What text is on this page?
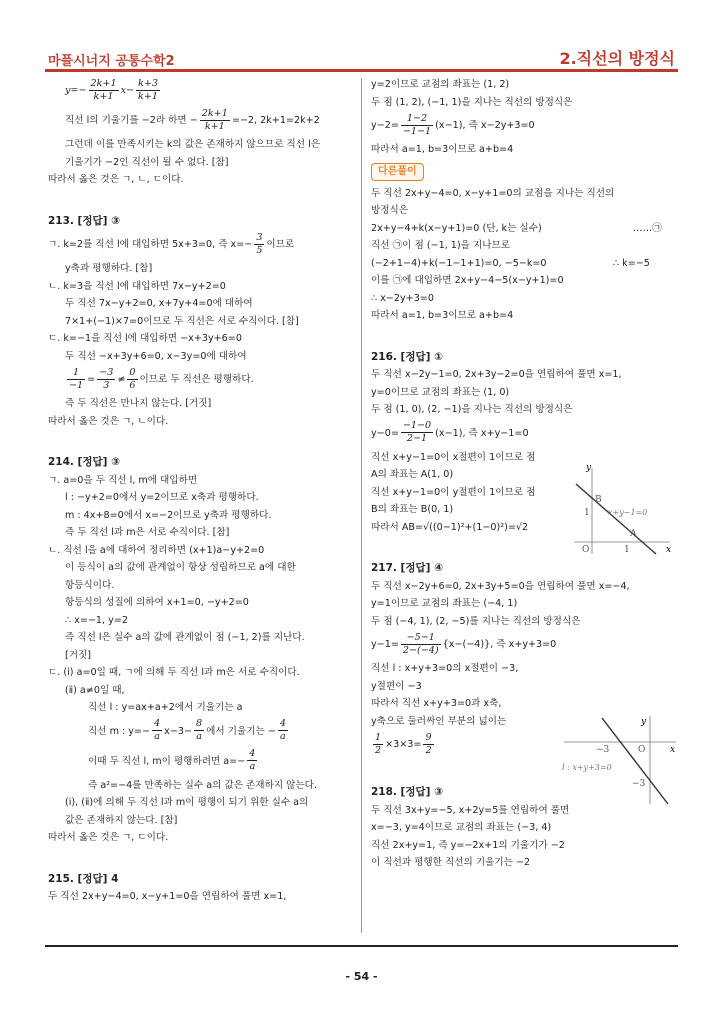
마플시너지 공통수학2	2.직선의 방정식

$y=- \frac{2k+1}{k+1} x- \frac{k+3}{k+1}$

직선 l의 기울기를 −2라 하면 − $\frac{2k+1}{k+1} =-2$, 2k+1=2k+2

그런데 이를 만족시키는 k의 값은 존재하지 않으므로 직선 l은

기울기가 −2인 직선이 될 수 없다. [참]

따라서 옳은 것은 ㄱ, ㄴ, ㄷ이다.

213. [정답] ③

ㄱ. k=2를 직선 l에 대입하면 5x+3=0, 즉 $x=- \frac{3}{5}$ 이므로

y축과 평행하다. [참]

ㄴ. k=3을 직선 l에 대입하면 7x−y+2=0

두 직선 7x−y+2=0, x+7y+4=0에 대하여

7×1+(−1)×7=0이므로 두 직선은 서로 수직이다. [참]

ㄷ. k=−1을 직선 l에 대입하면 −x+3y+6=0

두 직선 −x+3y+6=0, x−3y=0에 대하여

$\frac{1}{-1} = \frac{-3}{3} \ne \frac{0}{6}$ 이므로 두 직선은 평행하다.

즉 두 직선은 만나지 않는다. [거짓]

따라서 옳은 것은 ㄱ, ㄴ이다.

214. [정답] ③

ㄱ. a=0을 두 직선 l, m에 대입하면

l : −y+2=0에서 y=2이므로 x축과 평행하다.

m : 4x+8=0에서 x=−2이므로 y축과 평행하다.

즉 두 직선 l과 m은 서로 수직이다. [참]

ㄴ. 직선 l을 a에 대하여 정리하면 (x+1)a−y+2=0

이 등식이 a의 값에 관계없이 항상 성립하므로 a에 대한

항등식이다.

항등식의 성질에 의하여 x+1=0, −y+2=0

∴ x=−1, y=2

즉 직선 l은 실수 a의 값에 관계없이 점 (−1, 2)를 지난다.

[거짓]

ㄷ. (ⅰ) a=0일 때, ㄱ에 의해 두 직선 l과 m은 서로 수직이다.

(ⅱ) a≠0일 때,

직선 l : y=ax+a+2에서 기울기는 a

직선 m : $y=- \frac{4}{a} x-3- \frac{8}{a}$ 에서 기울기는 − $\frac{4}{a}$

이때 두 직선 l, m이 평행하려면 $a=- \frac{4}{a}$

즉 a²=−4를 만족하는 실수 a의 값은 존재하지 않는다.

(ⅰ), (ⅱ)에 의해 두 직선 l과 m이 평행이 되기 위한 실수 a의

값은 존재하지 않는다. [참]

따라서 옳은 것은 ㄱ, ㄷ이다.

215. [정답] 4

두 직선 2x+y−4=0, x−y+1=0을 연립하여 풀면 x=1,

y=2이므로 교점의 좌표는 (1, 2)

두 점 (1, 2), (−1, 1)을 지나는 직선의 방정식은

$y-2= \frac{1-2}{-1-1} (x-1)$, 즉 x−2y+3=0

따라서 a=1, b=3이므로 a+b=4

다른풀이

두 직선 2x+y−4=0, x−y+1=0의 교점을 지나는 직선의

방정식은

2x+y−4+k(x−y+1)=0 (단, k는 실수)	……㉠

직선 ㉠이 점 (−1, 1)을 지나므로

(−2+1−4)+k(−1−1+1)=0, −5−k=0	∴ k=−5

이를 ㉠에 대입하면 2x+y−4−5(x−y+1)=0

∴ x−2y+3=0

따라서 a=1, b=3이므로 a+b=4

216. [정답] ①

두 직선 x−2y−1=0, 2x+3y−2=0을 연립하여 풀면 x=1,

y=0이므로 교점의 좌표는 (1, 0)

두 점 (1, 0), (2, −1)을 지나는 직선의 방정식은

$y-0= \frac{-1-0}{2-1} (x-1)$, 즉 x+y−1=0

직선 x+y−1=0이 x절편이 1이므로 점

A의 좌표는 A(1, 0)

직선 x+y−1=0이 y절편이 1이므로 점

B의 좌표는 B(0, 1)

따라서 AB=√((0−1)²+(1−0)²)=√2

217. [정답] ④

두 직선 x−2y+6=0, 2x+3y+5=0을 연립하여 풀면 x=−4,

y=1이므로 교점의 좌표는 (−4, 1)

두 점 (−4, 1), (2, −5)를 지나는 직선의 방정식은

$y-1= \frac{-5-1}{2-(-4)} \{x-(-4)\}$, 즉 x+y+3=0

직선 l : x+y+3=0의 x절편이 −3,

y절편이 −3

따라서 직선 x+y+3=0과 x축,

y축으로 둘러싸인 부분의 넓이는

$\frac{1}{2} \times 3\times 3= \frac{9}{2}$

218. [정답] ③

두 직선 3x+y=−5, x+2y=5를 연립하여 풀면

x=−3, y=4이므로 교점의 좌표는 (−3, 4)

직선 2x+y=1, 즉 y=−2x+1의 기울기가 −2

이 직선과 평행한 직선의 기울기는 −2

x
y
O
1
1
B
A
x+y−1=0
x
y
O
−3
−3
l : x+y+3=0
- 54 -
